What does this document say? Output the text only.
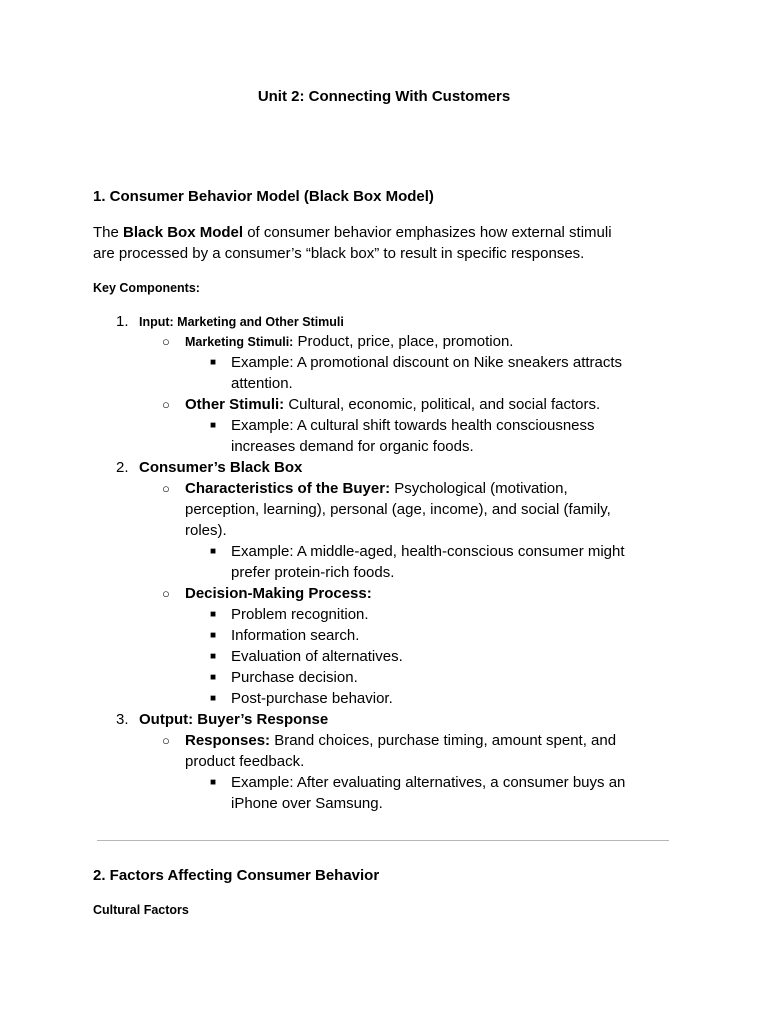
Unit 2: Connecting With Customers
1. Consumer Behavior Model (Black Box Model)
The Black Box Model of consumer behavior emphasizes how external stimuli
are processed by a consumer’s “black box” to result in specific responses.
Key Components:
1. Input: Marketing and Other Stimuli
○ Marketing Stimuli: Product, price, place, promotion.
■ Example: A promotional discount on Nike sneakers attracts
attention.
○ Other Stimuli: Cultural, economic, political, and social factors.
■ Example: A cultural shift towards health consciousness
increases demand for organic foods.
2. Consumer’s Black Box
○ Characteristics of the Buyer: Psychological (motivation,
perception, learning), personal (age, income), and social (family,
roles).
■ Example: A middle-aged, health-conscious consumer might
prefer protein-rich foods.
○ Decision-Making Process:
■ Problem recognition.
■ Information search.
■ Evaluation of alternatives.
■ Purchase decision.
■ Post-purchase behavior.
3. Output: Buyer’s Response
○ Responses: Brand choices, purchase timing, amount spent, and
product feedback.
■ Example: After evaluating alternatives, a consumer buys an
iPhone over Samsung.
2. Factors Affecting Consumer Behavior
Cultural Factors
